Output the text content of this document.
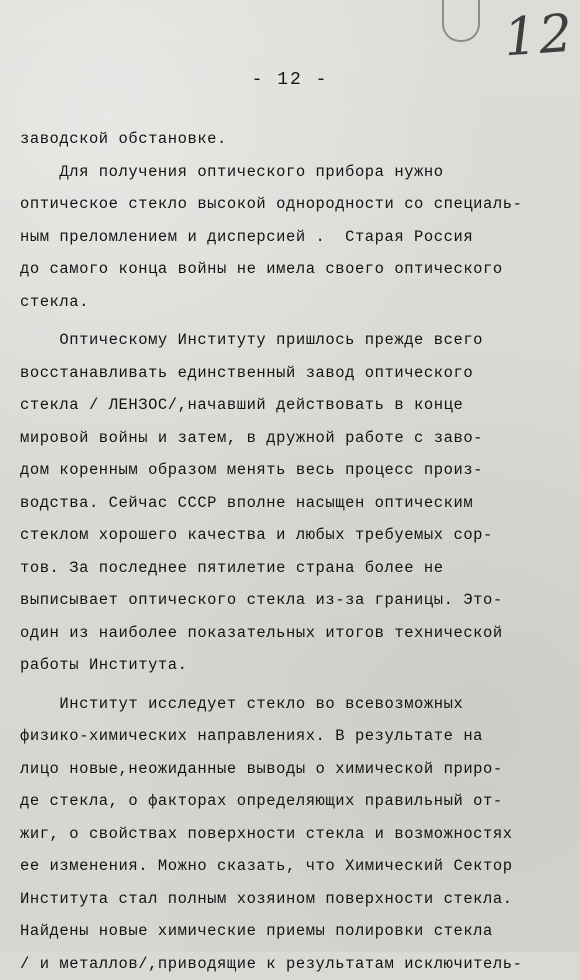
12
- 12 -
заводской обстановке.
Для получения оптического прибора нужно
оптическое стекло высокой однородности со специаль-
ным преломлением и дисперсией .  Старая Россия
до самого конца войны не имела своего оптического
стекла.
Оптическому Институту пришлось прежде всего
восстанавливать единственный завод оптического
стекла / ЛЕНЗОС/,начавший действовать в конце
мировой войны и затем, в дружной работе с заво-
дом коренным образом менять весь процесс произ-
водства. Сейчас СССР вполне насыщен оптическим
стеклом хорошего качества и любых требуемых сор-
тов. За последнее пятилетие страна более не
выписывает оптического стекла из-за границы. Это-
один из наиболее показательных итогов технической
работы Института.
Институт исследует стекло во всевозможных
физико-химических направлениях. В результате на
лицо новые,неожиданные выводы о химической приро-
де стекла, о факторах определяющих правильный от-
жиг, о свойствах поверхности стекла и возможностях
ее изменения. Можно сказать, что Химический Сектор
Института стал полным хозяином поверхности стекла.
Найдены новые химические приемы полировки стекла
/ и металлов/,приводящие к результатам исключитель-
